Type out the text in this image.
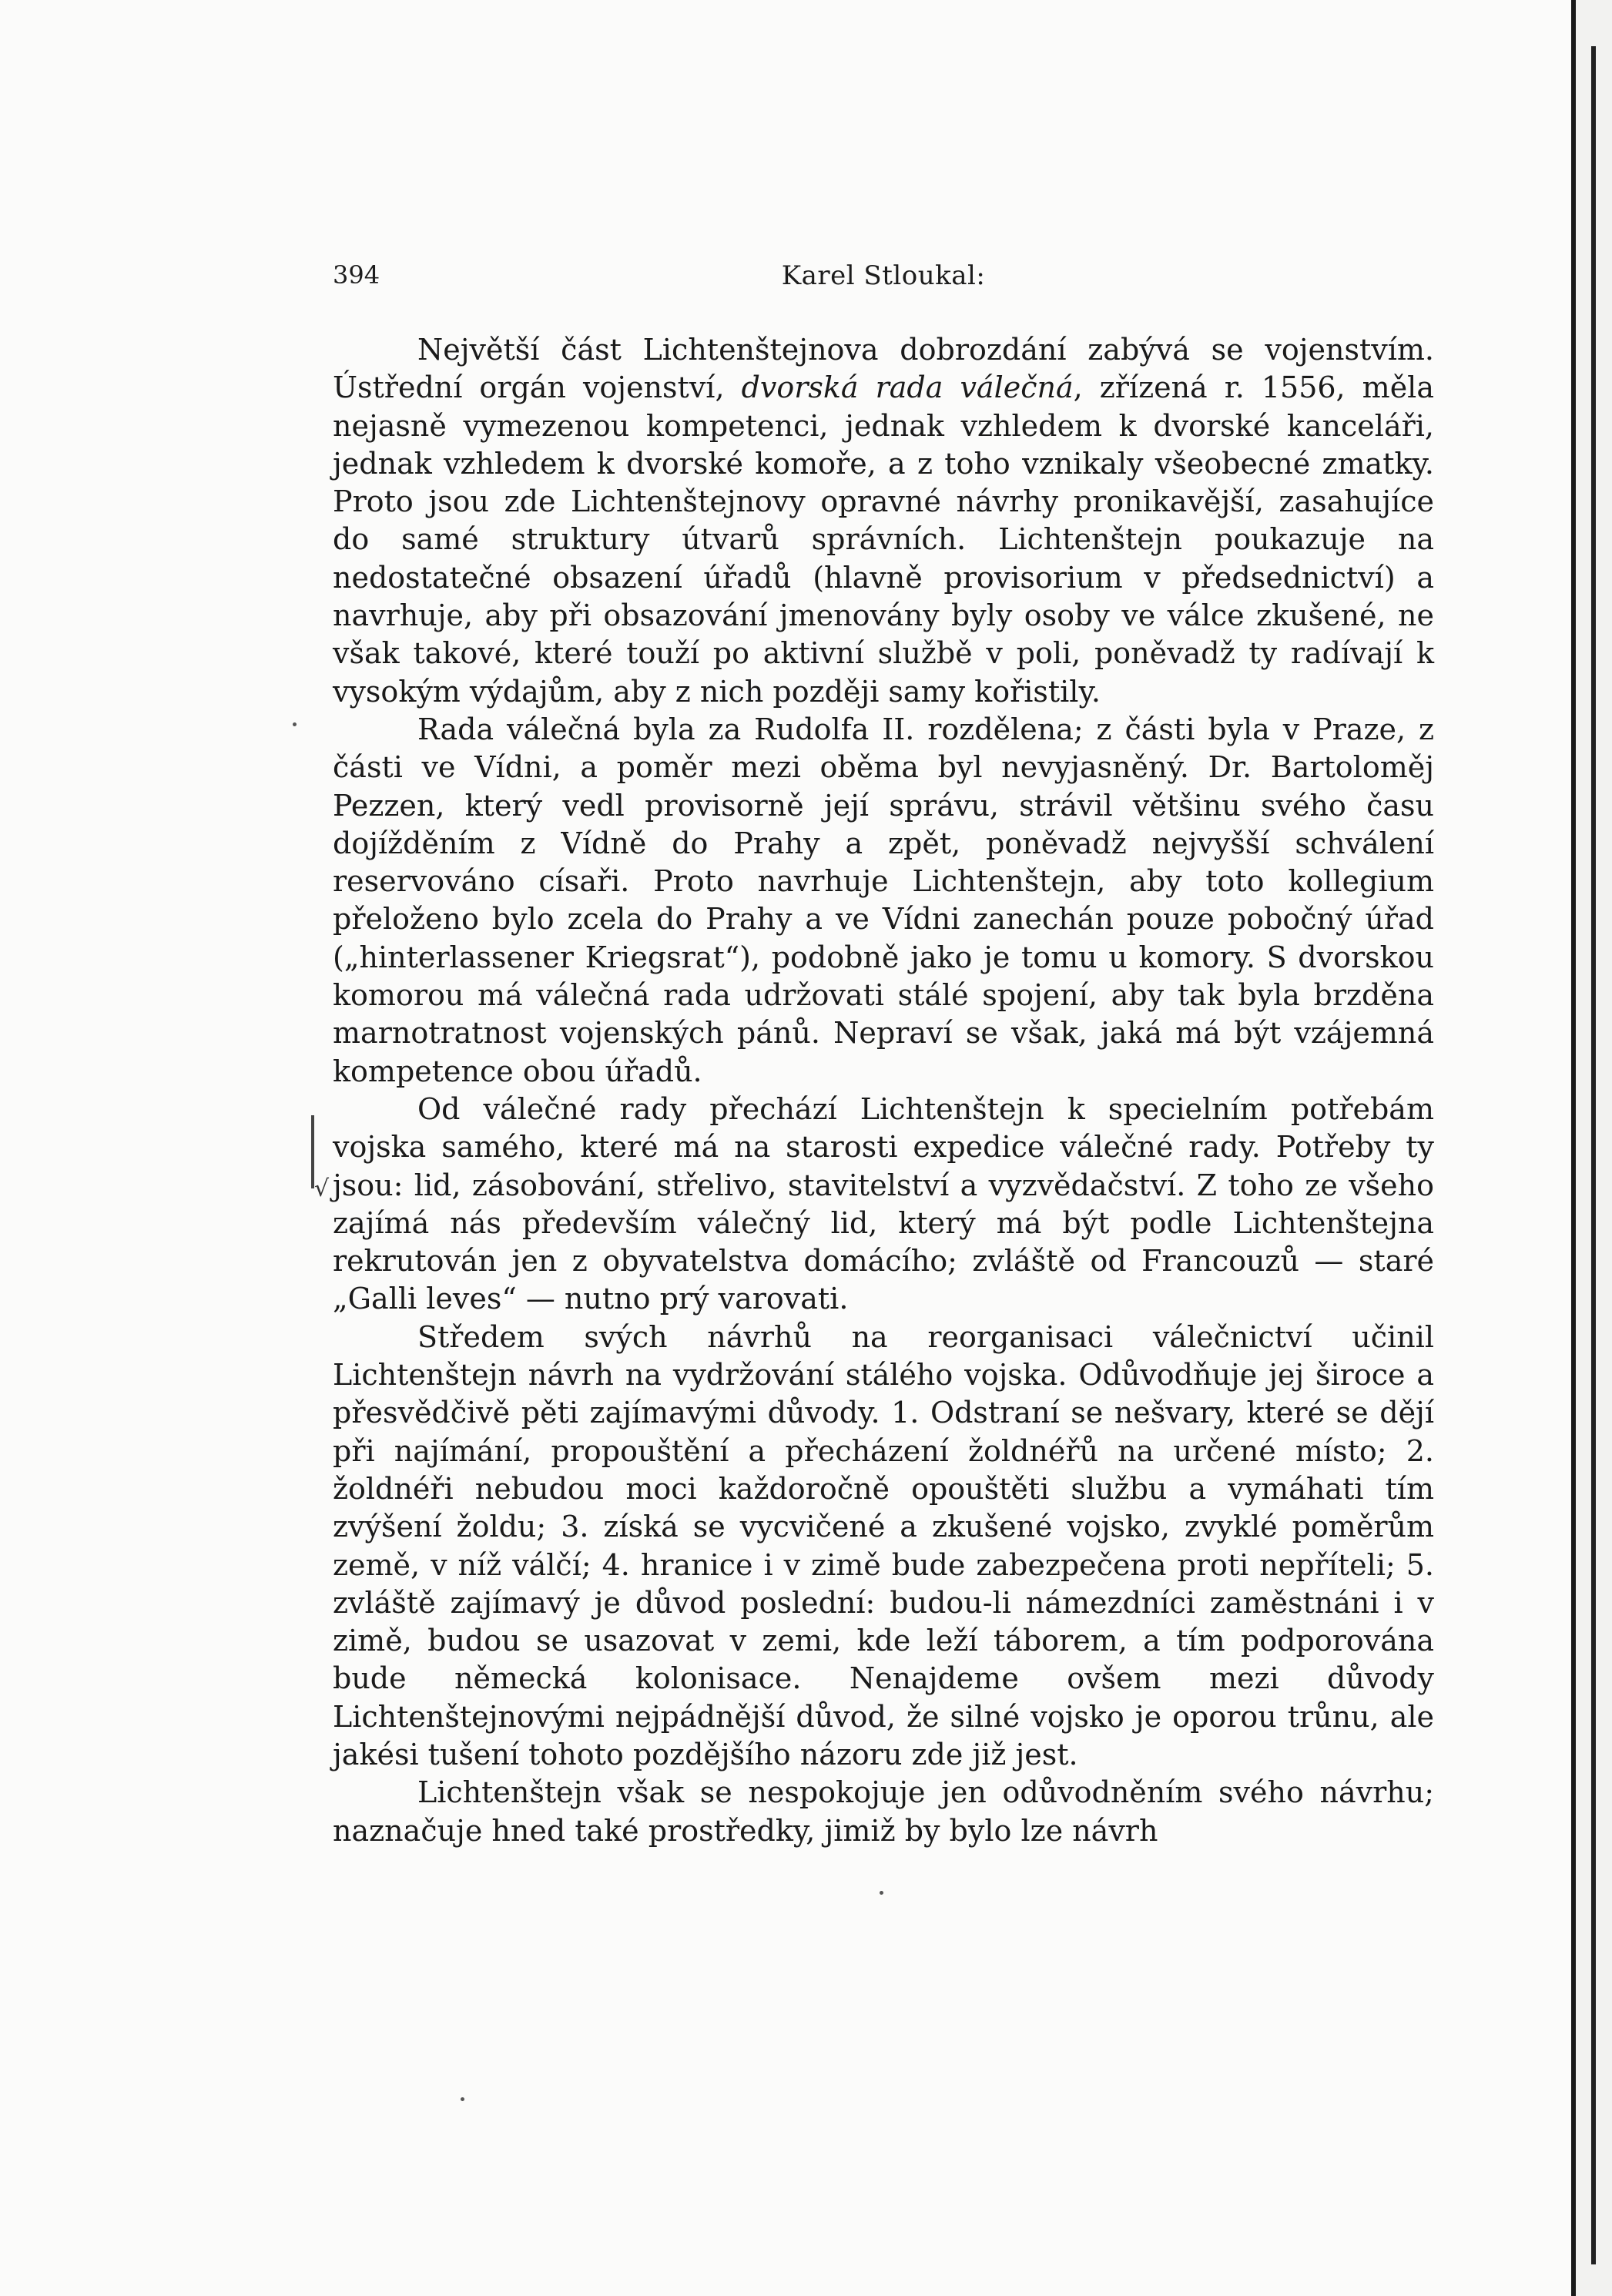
394	Karel Stloukal:

Největší část Lichtenštejnova dobrozdání zabývá se vojenstvím. Ústřední orgán vojenství, dvorská rada válečná, zřízená r. 1556, měla nejasně vymezenou kompetenci, jednak vzhledem k dvorské kanceláři, jednak vzhledem k dvorské komoře, a z toho vznikaly všeobecné zmatky. Proto jsou zde Lichtenštejnovy opravné návrhy pronikavější, zasahujíce do samé struktury útvarů správních. Lichtenštejn poukazuje na nedostatečné obsazení úřadů (hlavně provisorium v předsednictví) a navrhuje, aby při obsazování jmenovány byly osoby ve válce zkušené, ne však takové, které touží po aktivní službě v poli, poněvadž ty radívají k vysokým výdajům, aby z nich později samy kořistily.

Rada válečná byla za Rudolfa II. rozdělena; z části byla v Praze, z části ve Vídni, a poměr mezi oběma byl nevyjasněný. Dr. Bartoloměj Pezzen, který vedl provisorně její správu, strávil většinu svého času dojížděním z Vídně do Prahy a zpět, poněvadž nejvyšší schválení reservováno císaři. Proto navrhuje Lichtenštejn, aby toto kollegium přeloženo bylo zcela do Prahy a ve Vídni zanechán pouze pobočný úřad („hinterlassener Kriegsrat“), podobně jako je tomu u komory. S dvorskou komorou má válečná rada udržovati stálé spojení, aby tak byla brzděna marnotratnost vojenských pánů. Nepraví se však, jaká má být vzájemná kompetence obou úřadů.

Od válečné rady přechází Lichtenštejn k specielním potřebám vojska samého, které má na starosti expedice válečné rady. Potřeby ty jsou: lid, zásobování, střelivo, stavitelství a vyzvědačství. Z toho ze všeho zajímá nás především válečný lid, který má být podle Lichtenštejna rekrutován jen z obyvatelstva domácího; zvláště od Francouzů — staré „Galli leves“ — nutno prý varovati.

Středem svých návrhů na reorganisaci válečnictví učinil Lichtenštejn návrh na vydržování stálého vojska. Odůvodňuje jej široce a přesvědčivě pěti zajímavými důvody. 1. Odstraní se nešvary, které se dějí při najímání, propouštění a přecházení žoldnéřů na určené místo; 2. žoldnéři nebudou moci každoročně opouštěti službu a vymáhati tím zvýšení žoldu; 3. získá se vycvičené a zkušené vojsko, zvyklé poměrům země, v níž válčí; 4. hranice i v zimě bude zabezpečena proti nepříteli; 5. zvláště zajímavý je důvod poslední: budou-li námezdníci zaměstnáni i v zimě, budou se usazovat v zemi, kde leží táborem, a tím podporována bude německá kolonisace. Nenajdeme ovšem mezi důvody Lichtenštejnovými nejpádnější důvod, že silné vojsko je oporou trůnu, ale jakési tušení tohoto pozdějšího názoru zde již jest.

Lichtenštejn však se nespokojuje jen odůvodněním svého návrhu; naznačuje hned také prostředky, jimiž by bylo lze návrh

√
